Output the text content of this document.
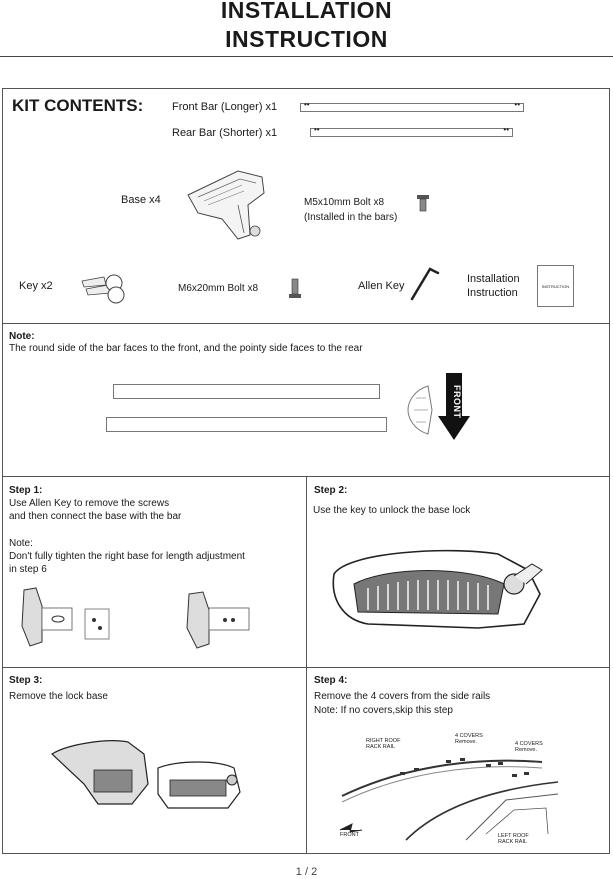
INSTALLATION
INSTRUCTION
KIT CONTENTS:	Front Bar (Longer) x1	••	••
Rear Bar (Shorter) x1	••	••
Base x4	M5x10mm Bolt x8
(Installed in the bars)
Key x2	M6x20mm Bolt x8	Allen Key
Installation
Instruction
INSTRUCTION
Note:
The round side of the bar faces to the front, and the pointy side faces to the rear
FRONT
Step 1:
Use Allen Key to remove the screws
and then connect the base with the bar
Note:
Don't fully tighten the right base for length adjustment
in step 6
Step 2:
Use the key to unlock the base lock
Step 3:
Remove the lock base
Step 4:
Remove the 4 covers from the side rails
Note: If no covers,skip this step
RIGHT ROOF
RACK RAIL
4 COVERS
Remove.	4 COVERS
Remove.
LEFT ROOF
RACK RAIL
FRONT
1 / 2
